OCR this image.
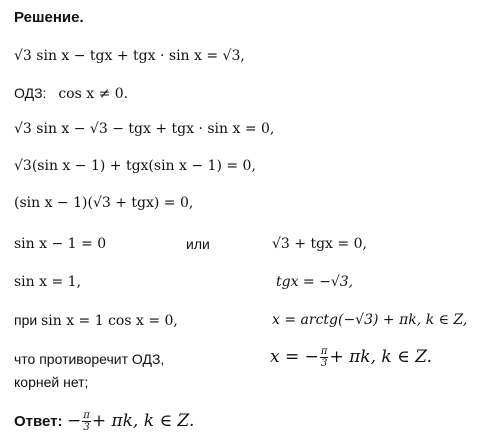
Решение.
√3 sin x − tgx + tgx · sin x = √3,
ОДЗ: cos x ≠ 0.
√3 sin x − √3 − tgx + tgx · sin x = 0,
√3(sin x − 1) + tgx(sin x − 1) = 0,
(sin x − 1)(√3 + tgx) = 0,
sin x − 1 = 0	или	√3 + tgx = 0,
sin x = 1,	tgx = −√3,
при sin x = 1 cos x = 0,	x = arctg(−√3) + πk, k ∈ Z,
что противоречит ОДЗ,
корней нет;
x = − $\frac{\pi}{3} + \pi k$, k ∈ Z.
Ответ: − $\frac{\pi}{3} + \pi k$, k ∈ Z.
